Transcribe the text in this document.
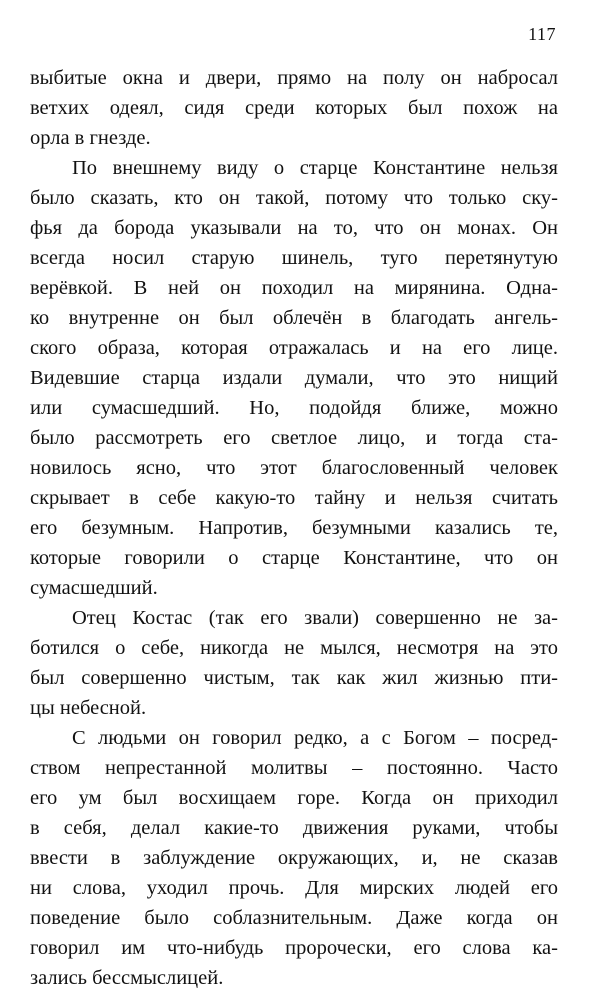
117
выбитые окна и двери, прямо на полу он набросал
ветхих одеял, сидя среди которых был похож на
орла в гнезде.
По внешнему виду о старце Константине нельзя
было сказать, кто он такой, потому что только ску-
фья да борода указывали на то, что он монах. Он
всегда носил старую шинель, туго перетянутую
верёвкой. В ней он походил на мирянина. Одна-
ко внутренне он был облечён в благодать ангель-
ского образа, которая отражалась и на его лице.
Видевшие старца издали думали, что это нищий
или сумасшедший. Но, подойдя ближе, можно
было рассмотреть его светлое лицо, и тогда ста-
новилось ясно, что этот благословенный человек
скрывает в себе какую-то тайну и нельзя считать
его безумным. Напротив, безумными казались те,
которые говорили о старце Константине, что он
сумасшедший.
Отец Костас (так его звали) совершенно не за-
ботился о себе, никогда не мылся, несмотря на это
был совершенно чистым, так как жил жизнью пти-
цы небесной.
С людьми он говорил редко, а с Богом – посред-
ством непрестанной молитвы – постоянно. Часто
его ум был восхищаем горе. Когда он приходил
в себя, делал какие-то движения руками, чтобы
ввести в заблуждение окружающих, и, не сказав
ни слова, уходил прочь. Для мирских людей его
поведение было соблазнительным. Даже когда он
говорил им что-нибудь пророчески, его слова ка-
зались бессмыслицей.
